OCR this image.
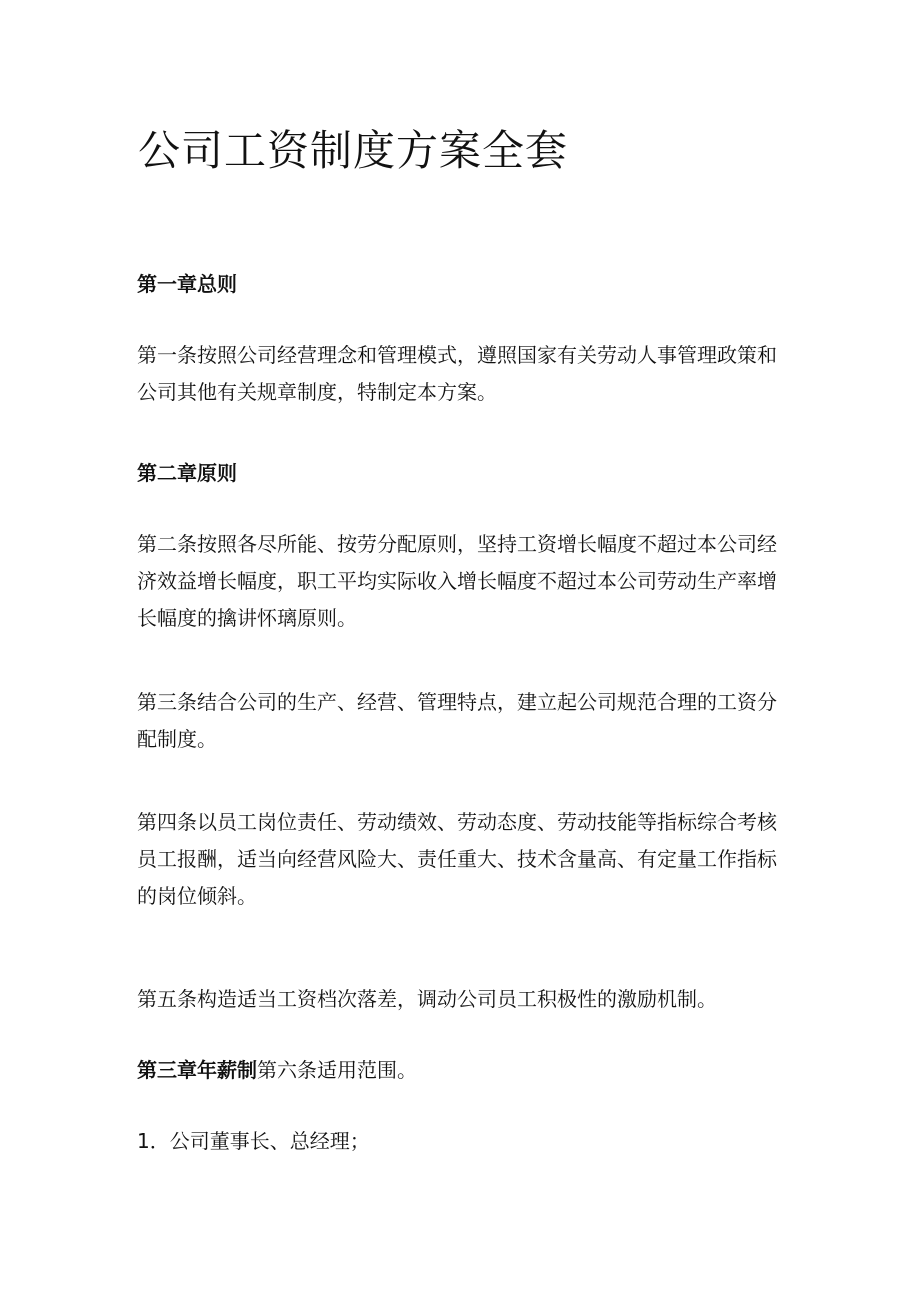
公司工资制度方案全套

第一章总则

第一条按照公司经营理念和管理模式，遵照国家有关劳动人事管理政策和
公司其他有关规章制度，特制定本方案。

第二章原则

第二条按照各尽所能、按劳分配原则，坚持工资增长幅度不超过本公司经
济效益增长幅度，职工平均实际收入增长幅度不超过本公司劳动生产率增
长幅度的擒讲怀璃原则。

第三条结合公司的生产、经营、管理特点，建立起公司规范合理的工资分
配制度。

第四条以员工岗位责任、劳动绩效、劳动态度、劳动技能等指标综合考核
员工报酬，适当向经营风险大、责任重大、技术含量高、有定量工作指标
的岗位倾斜。

第五条构造适当工资档次落差，调动公司员工积极性的激励机制。

第三章年薪制第六条适用范围。

1．公司董事长、总经理；
